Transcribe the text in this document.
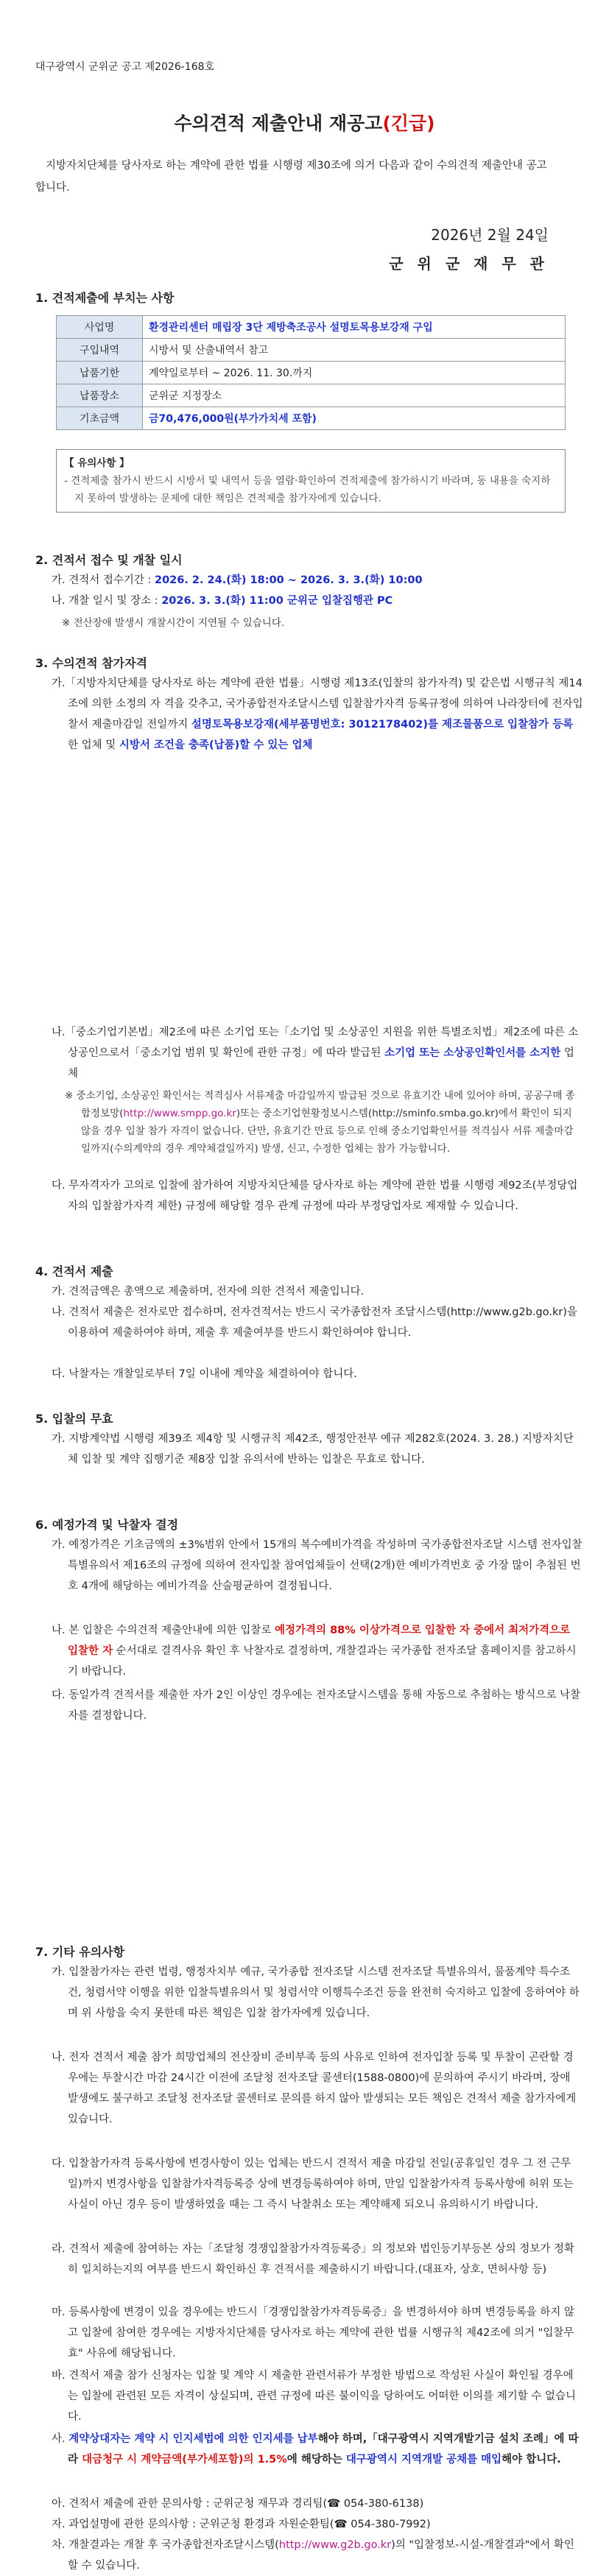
대구광역시 군위군 공고 제2026-168호
수의견적 제출안내 재공고(긴급)
지방자치단체를 당사자로 하는 계약에 관한 법률 시행령 제30조에 의거 다음과 같이 수의견적 제출안내 공고합니다.
2026년 2월 24일
군 위 군 재 무 관
1. 견적제출에 부치는 사항
사업명	환경관리센터 매립장 3단 제방축조공사 설명토목용보강재 구입
구입내역	시방서 및 산출내역서 참고
납품기한	계약일로부터 ~ 2026. 11. 30.까지
납품장소	군위군 지정장소
기초금액	금70,476,000원(부가가치세 포함)
【 유의사항 】
- 견적제출 참가시 반드시 시방서 및 내역서 등을 열람·확인하여 견적제출에 참가하시기 바라며, 동 내용을 숙지하지 못하여 발생하는 문제에 대한 책임은 견적제출 참가자에게 있습니다.
2. 견적서 접수 및 개찰 일시
가. 견적서 접수기간 : 2026. 2. 24.(화) 18:00 ~ 2026. 3. 3.(화) 10:00
나. 개찰 일시 및 장소 : 2026. 3. 3.(화) 11:00 군위군 입찰집행관 PC
※ 전산장애 발생시 개찰시간이 지연될 수 있습니다.
3. 수의견적 참가자격
가.「지방자치단체를 당사자로 하는 계약에 관한 법률」시행령 제13조(입찰의 참가자격) 및 같은법 시행규칙 제14조에 의한 소정의 자 격을 갖추고, 국가종합전자조달시스템 입찰참가자격 등록규정에 의하여 나라장터에 전자입찰서 제출마감일 전일까지 설명토목용보강재(세부품명번호: 3012178402)를 제조물품으로 입찰참가 등록한 업체 및 시방서 조건을 충족(납품)할 수 있는 업체
나.「중소기업기본법」제2조에 따른 소기업 또는「소기업 및 소상공인 지원을 위한 특별조치법」제2조에 따른 소상공인으로서「중소기업 범위 및 확인에 관한 규정」에 따라 발급된 소기업 또는 소상공인확인서를 소지한 업체
※ 중소기업, 소상공인 확인서는 적격심사 서류제출 마감일까지 발급된 것으로 유효기간 내에 있어야 하며, 공공구매 종합정보망(http://www.smpp.go.kr)또는 중소기업현황정보시스템(http://sminfo.smba.go.kr)에서 확인이 되지 않을 경우 입찰 참가 자격이 없습니다. 단만, 유효기간 만료 등으로 인해 중소기업확인서를 적격심사 서류 제출마감일까지(수의계약의 경우 계약체결일까지) 발생, 신고, 수정한 업체는 참가 가능합니다.
다. 무자격자가 고의로 입찰에 참가하여 지방자치단체를 당사자로 하는 계약에 관한 법률 시행령 제92조(부정당업자의 입찰참가자격 제한) 규정에 해당할 경우 관계 규정에 따라 부정당업자로 제재할 수 있습니다.
4. 견적서 제출
가. 견적금액은 총액으로 제출하며, 전자에 의한 견적서 제출입니다.
나. 견적서 제출은 전자로만 접수하며, 전자견적서는 반드시 국가종합전자 조달시스템(http://www.g2b.go.kr)을 이용하여 제출하여야 하며, 제출 후 제출여부를 반드시 확인하여야 합니다.
다. 낙찰자는 개찰일로부터 7일 이내에 계약을 체결하여야 합니다.
5. 입찰의 무효
가. 지방계약법 시행령 제39조 제4항 및 시행규칙 제42조, 행정안전부 예규 제282호(2024. 3. 28.) 지방자치단체 입찰 및 계약 집행기준 제8장 입찰 유의서에 반하는 입찰은 무효로 합니다.
6. 예정가격 및 낙찰자 결정
가. 예정가격은 기초금액의 ±3%범위 안에서 15개의 복수예비가격을 작성하며 국가종합전자조달 시스템 전자입찰 특별유의서 제16조의 규정에 의하여 전자입찰 참여업체들이 선택(2개)한 예비가격번호 중 가장 많이 추첨된 번호 4개에 해당하는 예비가격을 산술평균하여 결정됩니다.
나. 본 입찰은 수의견적 제출안내에 의한 입찰로 예정가격의 88% 이상가격으로 입찰한 자 중에서 최저가격으로 입찰한 자 순서대로 결격사유 확인 후 낙찰자로 결정하며, 개찰결과는 국가종합 전자조달 홈페이지를 참고하시기 바랍니다.
다. 동일가격 견적서를 제출한 자가 2인 이상인 경우에는 전자조달시스템을 통해 자동으로 추첨하는 방식으로 낙찰자를 결정합니다.
7. 기타 유의사항
가. 입찰참가자는 관련 법령, 행정자치부 예규, 국가종합 전자조달 시스템 전자조달 특별유의서, 물품계약 특수조건, 청렴서약 이행을 위한 입찰특별유의서 및 청렴서약 이행특수조건 등을 완전히 숙지하고 입찰에 응하여야 하며 위 사항을 숙지 못한데 따른 책임은 입찰 참가자에게 있습니다.
나. 전자 견적서 제출 참가 희망업체의 전산장비 준비부족 등의 사유로 인하여 전자입찰 등록 및 투찰이 곤란할 경우에는 투찰시간 마감 24시간 이전에 조달청 전자조달 콜센터(1588-0800)에 문의하여 주시기 바라며, 장애 발생에도 불구하고 조달청 전자조달 콜센터로 문의를 하지 않아 발생되는 모든 책임은 견적서 제출 참가자에게 있습니다.
다. 입찰참가자격 등록사항에 변경사항이 있는 업체는 반드시 견적서 제출 마감일 전일(공휴일인 경우 그 전 근무일)까지 변경사항을 입찰참가자격등록증 상에 변경등록하여야 하며, 만일 입찰참가자격 등록사항에 허위 또는 사실이 아닌 경우 등이 발생하였을 때는 그 즉시 낙찰취소 또는 계약해제 되오니 유의하시기 바랍니다.
라. 견적서 제출에 참여하는 자는「조달청 경쟁입찰참가자격등록증」의 정보와 법인등기부등본 상의 정보가 정확히 일치하는지의 여부를 반드시 확인하신 후 견적서를 제출하시기 바랍니다.(대표자, 상호, 면허사항 등)
마. 등록사항에 변경이 있을 경우에는 반드시「경쟁입찰참가자격등록증」을 변경하셔야 하며 변경등록을 하지 않고 입찰에 참여한 경우에는 지방자치단체를 당사자로 하는 계약에 관한 법률 시행규칙 제42조에 의거 "입찰무효" 사유에 해당됩니다.
바. 견적서 제출 참가 신청자는 입찰 및 계약 시 제출한 관련서류가 부정한 방법으로 작성된 사실이 확인될 경우에는 입찰에 관련된 모든 자격이 상실되며, 관련 규정에 따른 불이익을 당하여도 어떠한 이의를 제기할 수 없습니다.
사. 계약상대자는 계약 시 인지세법에 의한 인지세를 납부해야 하며,「대구광역시 지역개발기금 설치 조례」에 따라 대금청구 시 계약금액(부가세포함)의 1.5%에 해당하는 대구광역시 지역개발 공채를 매입해야 합니다.
아. 견적서 제출에 관한 문의사항 : 군위군청 재무과 경리팀(☎ 054-380-6138)
자. 과업설명에 관한 문의사항 : 군위군청 환경과 자원순환팀(☎ 054-380-7992)
차. 개찰결과는 개찰 후 국가종합전자조달시스템(http://www.g2b.go.kr)의 "입찰정보-시설-개찰결과"에서 확인할 수 있습니다.
